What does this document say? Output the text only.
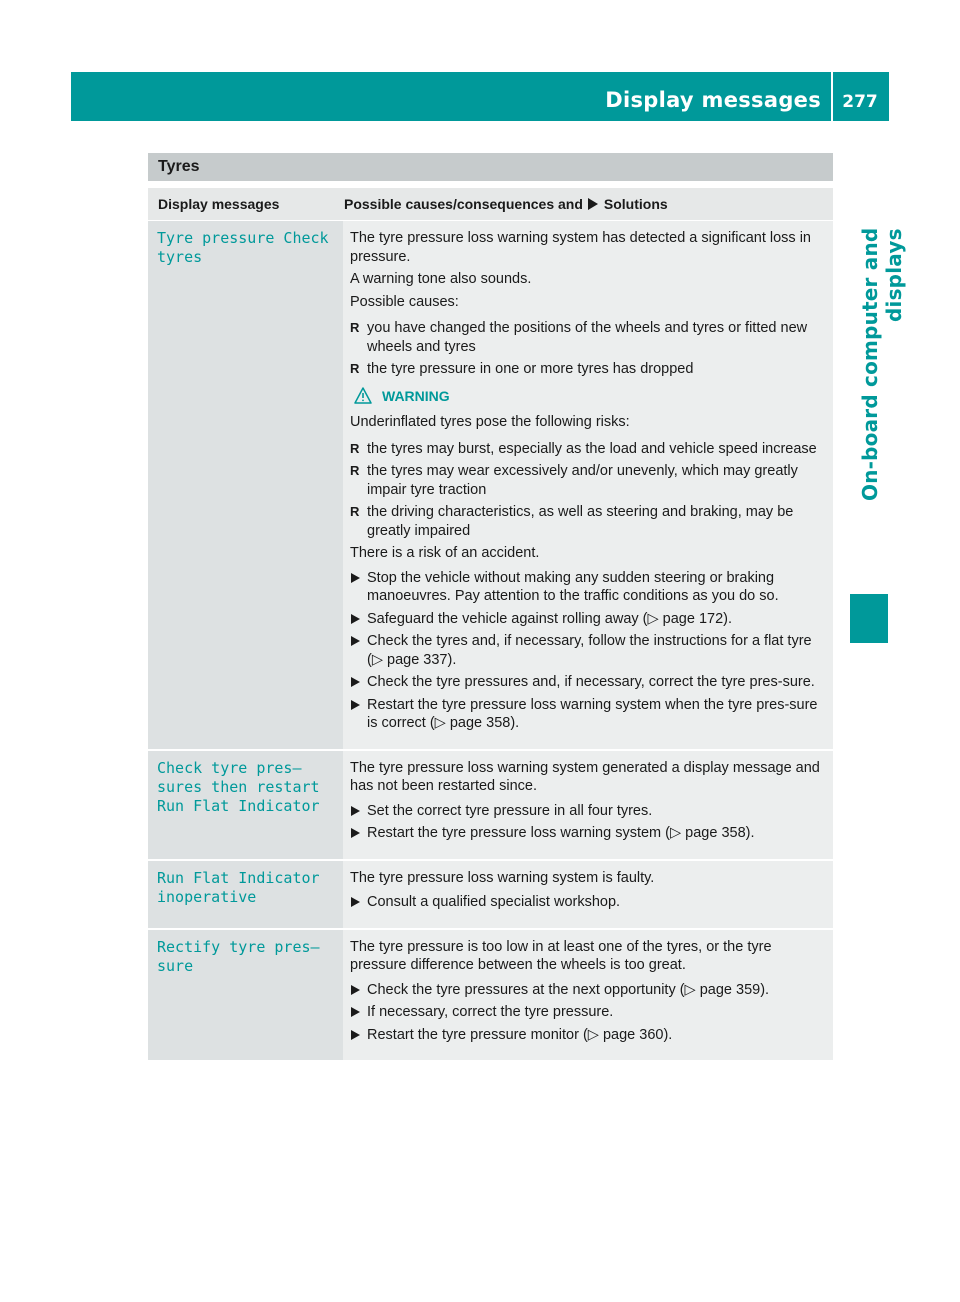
Display messages	277
On-board computer and displays
Tyres
Display messages	Possible causes/consequences and Solutions
Tyre pressure Check
tyres

The tyre pressure loss warning system has detected a significant loss in pressure.

A warning tone also sounds.

Possible causes:

R you have changed the positions of the wheels and tyres or fitted new wheels and tyres
R the tyre pressure in one or more tyres has dropped
WARNING

Underinflated tyres pose the following risks:

R the tyres may burst, especially as the load and vehicle speed increase
R the tyres may wear excessively and/or unevenly, which may greatly impair tyre traction
R the driving characteristics, as well as steering and braking, may be greatly impaired

There is a risk of an accident.

Stop the vehicle without making any sudden steering or braking manoeuvres. Pay attention to the traffic conditions as you do so.
Safeguard the vehicle against rolling away (▷ page 172).
Check the tyres and, if necessary, follow the instructions for a flat tyre (▷ page 337).
Check the tyre pressures and, if necessary, correct the tyre pres-sure.
Restart the tyre pressure loss warning system when the tyre pres-sure is correct (▷ page 358).
Check tyre pres–
sures then restart
Run Flat Indicator

The tyre pressure loss warning system generated a display message and has not been restarted since.

Set the correct tyre pressure in all four tyres.
Restart the tyre pressure loss warning system (▷ page 358).
Run Flat Indicator
inoperative

The tyre pressure loss warning system is faulty.

Consult a qualified specialist workshop.
Rectify tyre pres–
sure

The tyre pressure is too low in at least one of the tyres, or the tyre pressure difference between the wheels is too great.

Check the tyre pressures at the next opportunity (▷ page 359).
If necessary, correct the tyre pressure.
Restart the tyre pressure monitor (▷ page 360).
